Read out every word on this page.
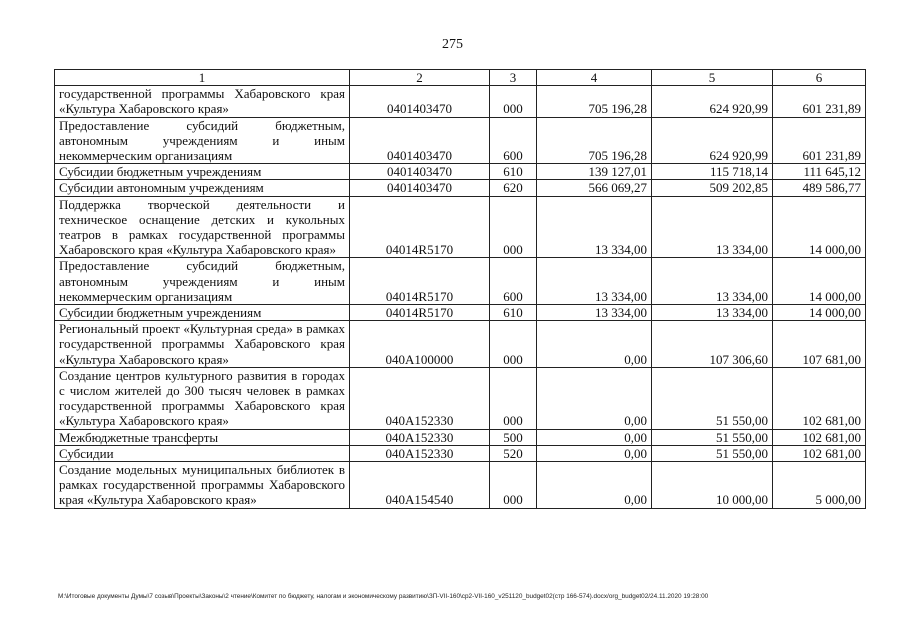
275
1	2	3	4	5	6
государственной программы Хабаровского края «Культура Хабаровского края»	0401403470	000	705 196,28	624 920,99	601 231,89
Предоставление субсидий бюджетным, автономным учреждениям и иным некоммерческим организациям	0401403470	600	705 196,28	624 920,99	601 231,89
Субсидии бюджетным учреждениям	0401403470	610	139 127,01	115 718,14	111 645,12
Субсидии автономным учреждениям	0401403470	620	566 069,27	509 202,85	489 586,77
Поддержка творческой деятельности и техническое оснащение детских и кукольных театров в рамках государственной программы Хабаровского края «Культура Хабаровского края»	04014R5170	000	13 334,00	13 334,00	14 000,00
Предоставление субсидий бюджетным, автономным учреждениям и иным некоммерческим организациям	04014R5170	600	13 334,00	13 334,00	14 000,00
Субсидии бюджетным учреждениям	04014R5170	610	13 334,00	13 334,00	14 000,00
Региональный проект «Культурная среда» в рамках государственной программы Хабаровского края «Культура Хабаровского края»	040A100000	000	0,00	107 306,60	107 681,00
Создание центров культурного развития в городах с числом жителей до 300 тысяч человек в рамках государственной программы Хабаровского края «Культура Хабаровского края»	040A152330	000	0,00	51 550,00	102 681,00
Межбюджетные трансферты	040A152330	500	0,00	51 550,00	102 681,00
Субсидии	040A152330	520	0,00	51 550,00	102 681,00
Создание модельных муниципальных библиотек в рамках государственной программы Хабаровского края «Культура Хабаровского края»	040A154540	000	0,00	10 000,00	5 000,00
M:\Итоговые документы Думы\7 созыв\Проекты\Законы\2 чтение\Комитет по бюджету, налогам и экономическому развитию\ЗП-VII-160\ср2-VII-160_v251120_budget02(стр 166-574).docx/org_budget02/24.11.2020 19:28:00
